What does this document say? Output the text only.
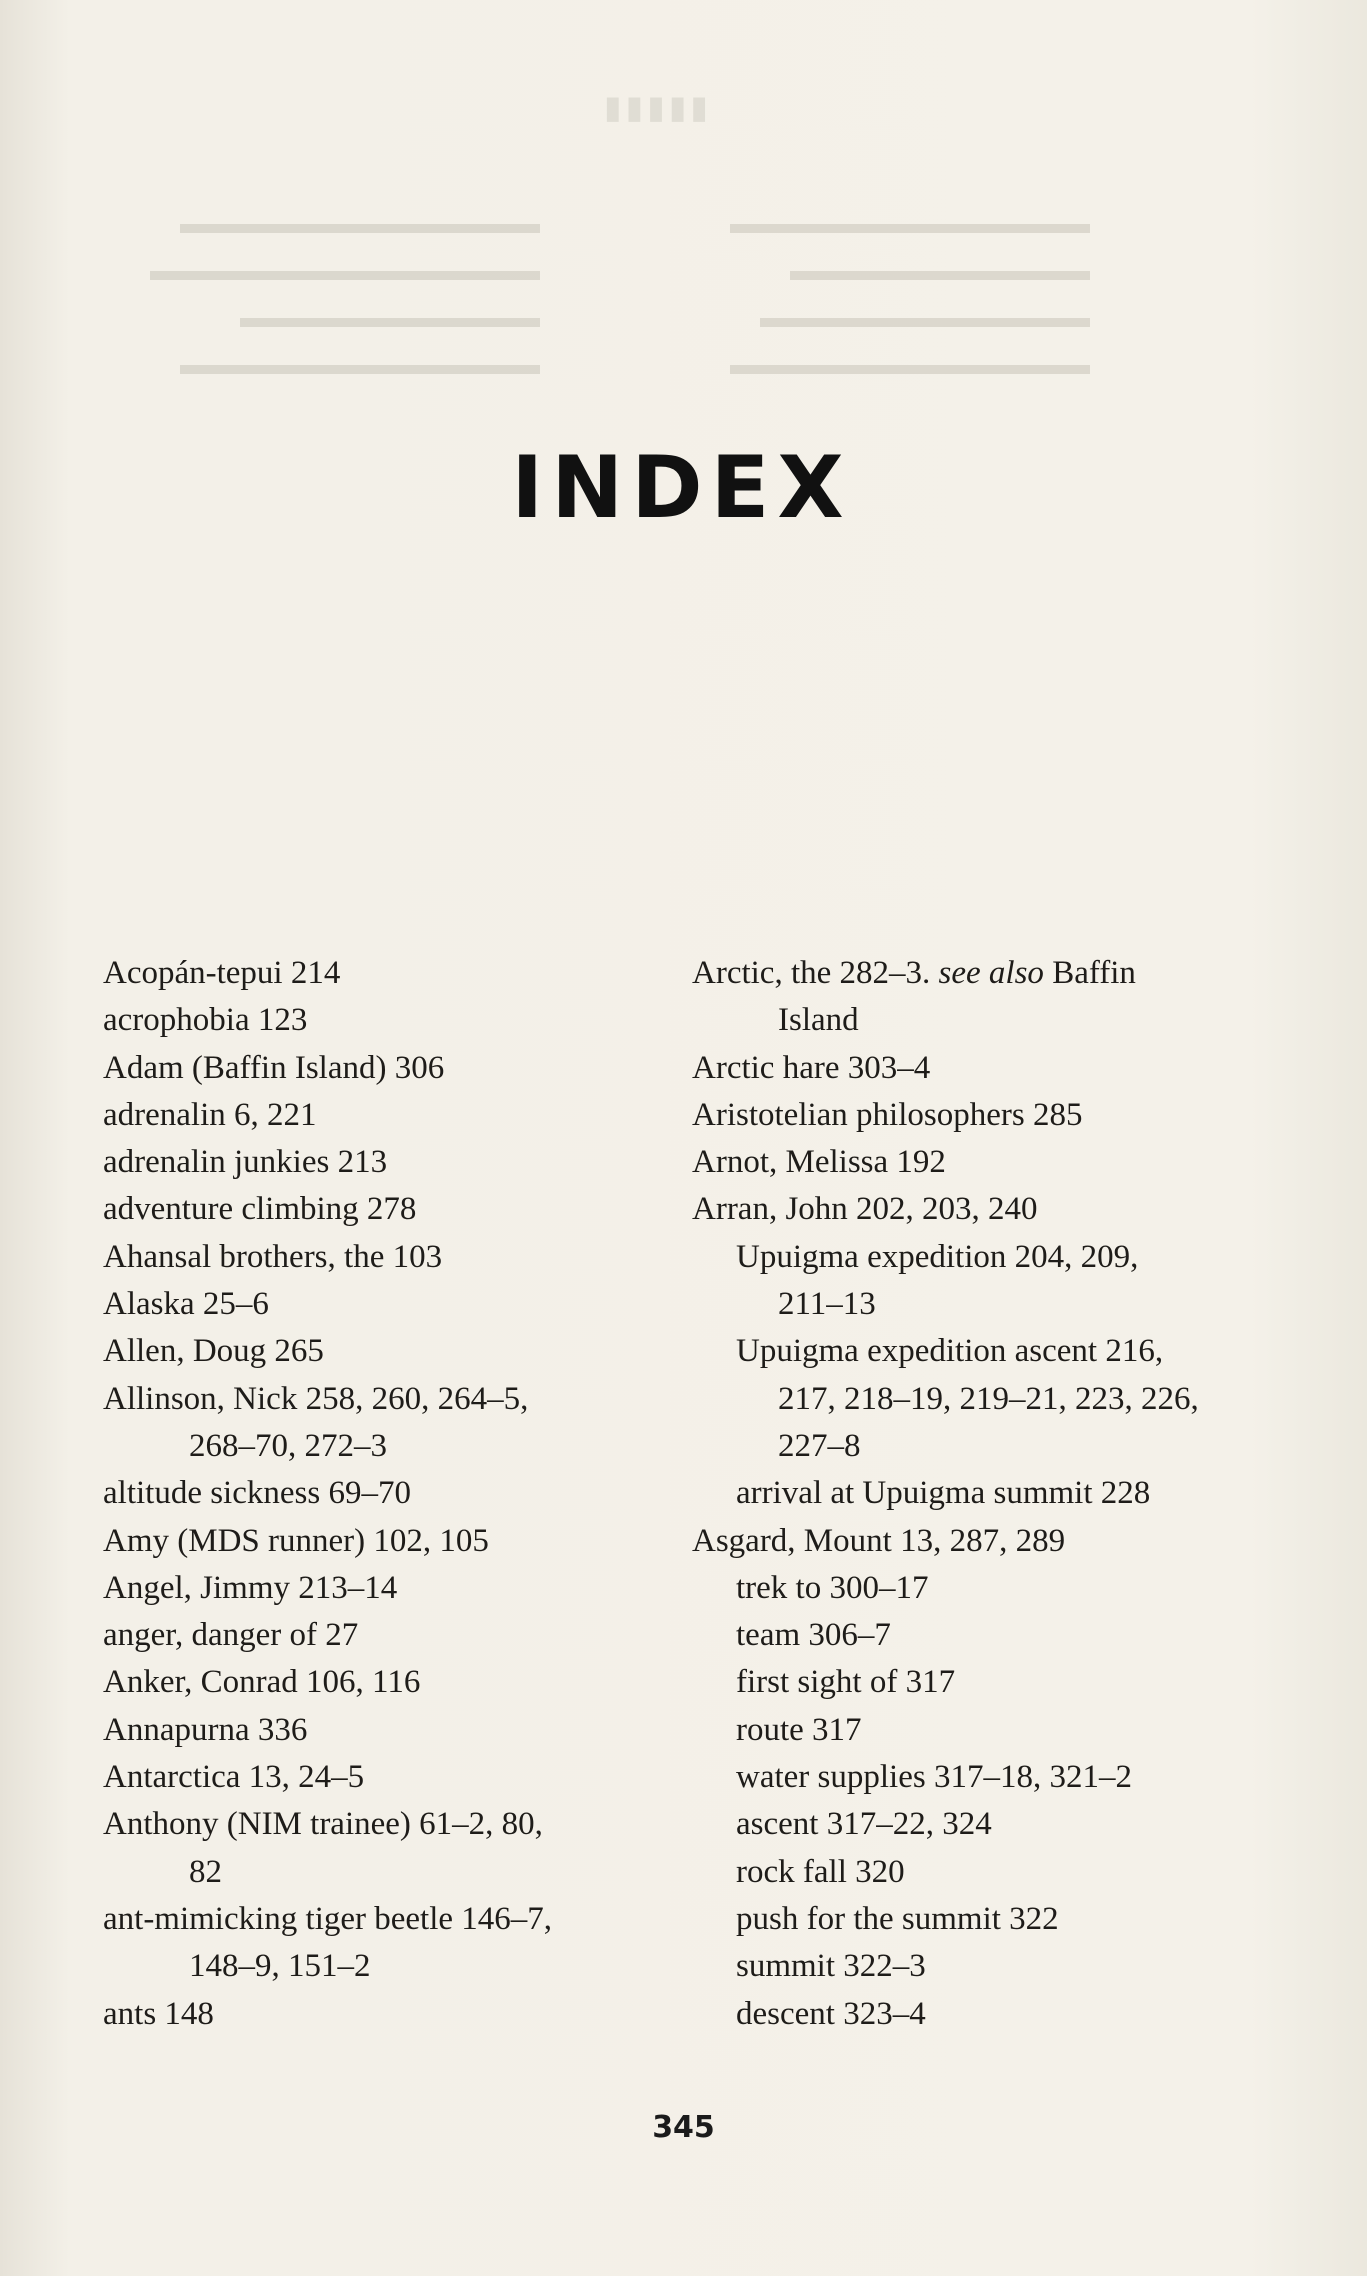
▮▮▮▮▮
▬▬▬▬▬▬▬▬▬▬▬▬
▬▬▬▬▬▬▬▬▬▬▬▬▬
▬▬▬▬▬▬▬▬▬▬
▬▬▬▬▬▬▬▬▬▬▬▬
▬▬▬▬▬▬▬▬▬▬▬▬
▬▬▬▬▬▬▬▬▬▬
▬▬▬▬▬▬▬▬▬▬▬
▬▬▬▬▬▬▬▬▬▬▬▬
INDEX
Acopán-tepui 214
acrophobia 123
Adam (Baffin Island) 306
adrenalin 6, 221
adrenalin junkies 213
adventure climbing 278
Ahansal brothers, the 103
Alaska 25–6
Allen, Doug 265
Allinson, Nick 258, 260, 264–5,
268–70, 272–3
altitude sickness 69–70
Amy (MDS runner) 102, 105
Angel, Jimmy 213–14
anger, danger of 27
Anker, Conrad 106, 116
Annapurna 336
Antarctica 13, 24–5
Anthony (NIM trainee) 61–2, 80,
82
ant-mimicking tiger beetle 146–7,
148–9, 151–2
ants 148
Arctic, the 282–3. see also Baffin
Island
Arctic hare 303–4
Aristotelian philosophers 285
Arnot, Melissa 192
Arran, John 202, 203, 240
Upuigma expedition 204, 209,
211–13
Upuigma expedition ascent 216,
217, 218–19, 219–21, 223, 226,
227–8
arrival at Upuigma summit 228
Asgard, Mount 13, 287, 289
trek to 300–17
team 306–7
first sight of 317
route 317
water supplies 317–18, 321–2
ascent 317–22, 324
rock fall 320
push for the summit 322
summit 322–3
descent 323–4
345
